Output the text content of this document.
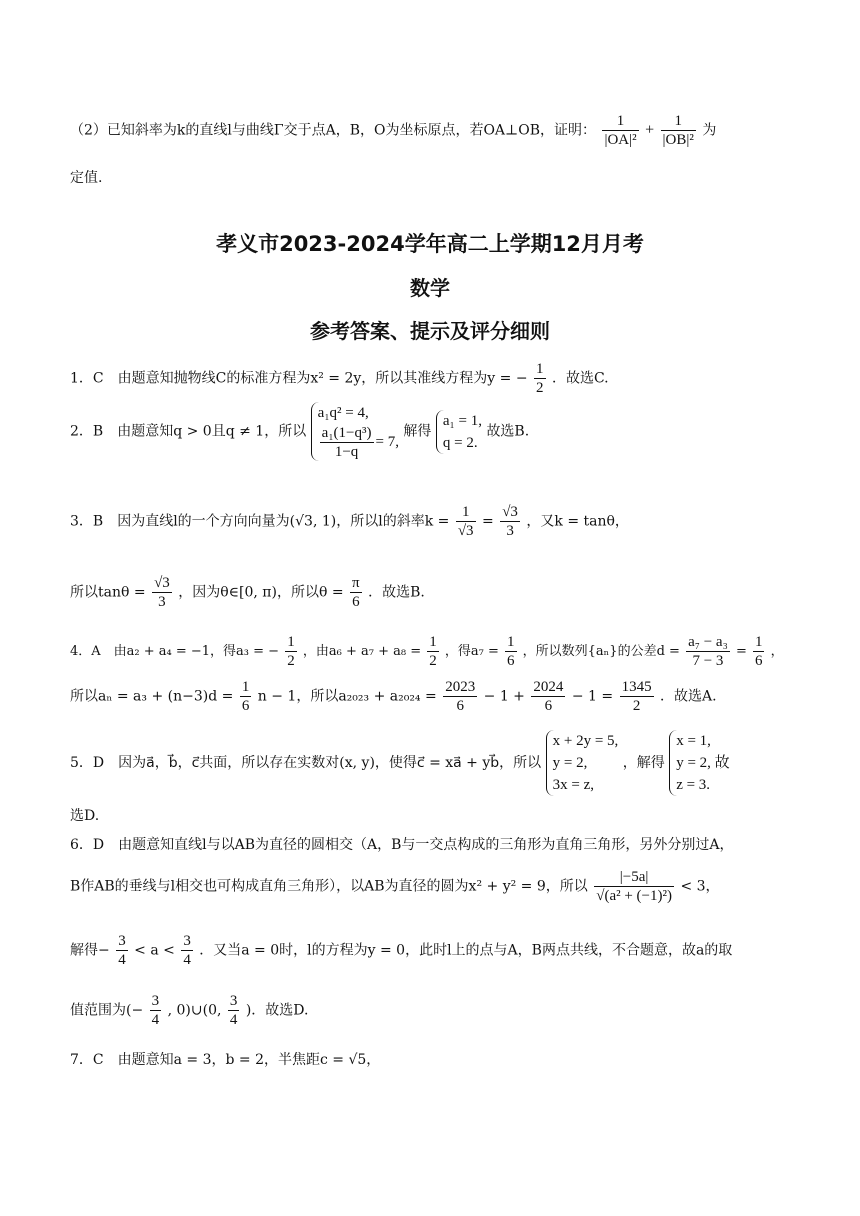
（2）已知斜率为k的直线l与曲线Γ交于点A，B，O为坐标原点，若OA⊥OB，证明： $\frac{1}{\text{|OA|²}} + \frac{1}{\text{|OB|²}}$ 为
定值.
孝义市2023-2024学年高二上学期12月月考
数学
参考答案、提示及评分细则
1．C　由题意知抛物线C的标准方程为x² = 2y，所以其准线方程为y = − $\frac{1}{2}$ ．故选C.
2．B　由题意知q > 0且q ≠ 1，所以
a₁q² = 4,
$\frac{\text{a₁(1−q³)}}{1-q} = 7$,
解得
a₁ = 1,
q = 2.
故选B.
3．B　因为直线l的一个方向向量为(√3, 1)，所以l的斜率$k = \frac{1}{√3} = \frac{√3}{3}$ ，又k = tanθ，
所以$\tan\theta = \frac{√3}{3}$ ，因为θ∈[0, π)，所以$\theta = \frac{\pi}{6}$ ．故选B.
4．A　由a₂ + a₄ = −1，得a₃ = − $\frac{1}{2}$ ，由$a_6 + a_7 + a_8 = \frac{1}{2}$ ，得$a_7 = \frac{1}{6}$ ，所以数列{aₙ}的公差$d = \frac{\text{a₇ − a₃}}{7 - 3} = \frac{1}{6}$ ，
所以$a_n = a_3 + (n-3)d = \frac{1}{6}$ n − 1，所以$a_{2023} + a_{2024} = \frac{2023}{6} - 1 + \frac{2024}{6} - 1 = \frac{1345}{2}$ ．故选A.
5．D　因为a⃗，b⃗，c⃗共面，所以存在实数对(x, y)，使得c⃗ = xa⃗ + yb⃗，所以
x + 2y = 5,
y = 2,
3x = z,
，解得
x = 1,
y = 2, 故
z = 3.
选D.
6．D　由题意知直线l与以AB为直径的圆相交（A，B与一交点构成的三角形为直角三角形，另外分别过A，
B作AB的垂线与l相交也可构成直角三角形），以AB为直径的圆为x² + y² = 9，所以 $\frac{|-5a|}{\text{√(a² + (−1)²)}} < 3$，
解得− $\frac{3}{4} < a < \frac{3}{4}$ ．又当a = 0时，l的方程为y = 0，此时l上的点与A，B两点共线，不合题意，故a的取
值范围为(− $\frac{3}{4}$ , 0)∪(0, $\frac{3}{4}$ )．故选D.
7．C　由题意知a = 3，b = 2，半焦距c = √5，
